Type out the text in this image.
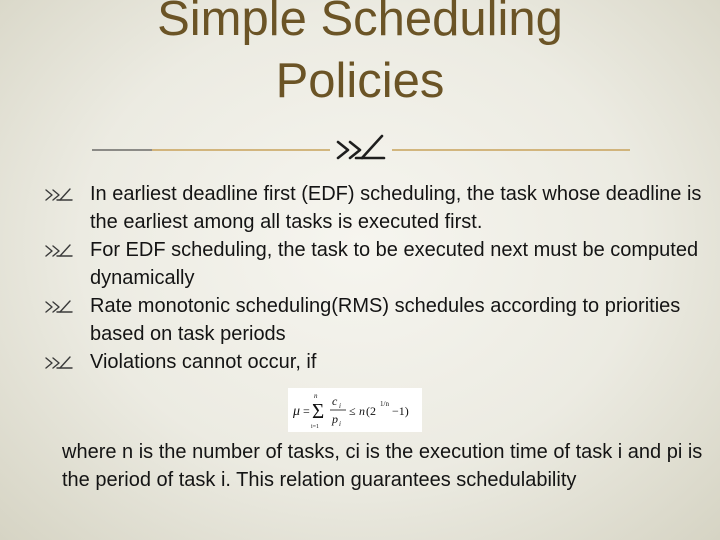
Simple Scheduling Policies
In earliest deadline first (EDF) scheduling, the task whose deadline is the earliest among all tasks is executed first.
For EDF scheduling, the task to be executed next must be computed dynamically
Rate monotonic scheduling(RMS) schedules according to priorities based on task periods
Violations cannot occur, if
μ =
n
Σ
i=1
c i
p i
≤ n (2 1/n −1)

where n is the number of tasks, ci is the execution time of task i and pi is the period of task i. This relation guarantees schedulability
